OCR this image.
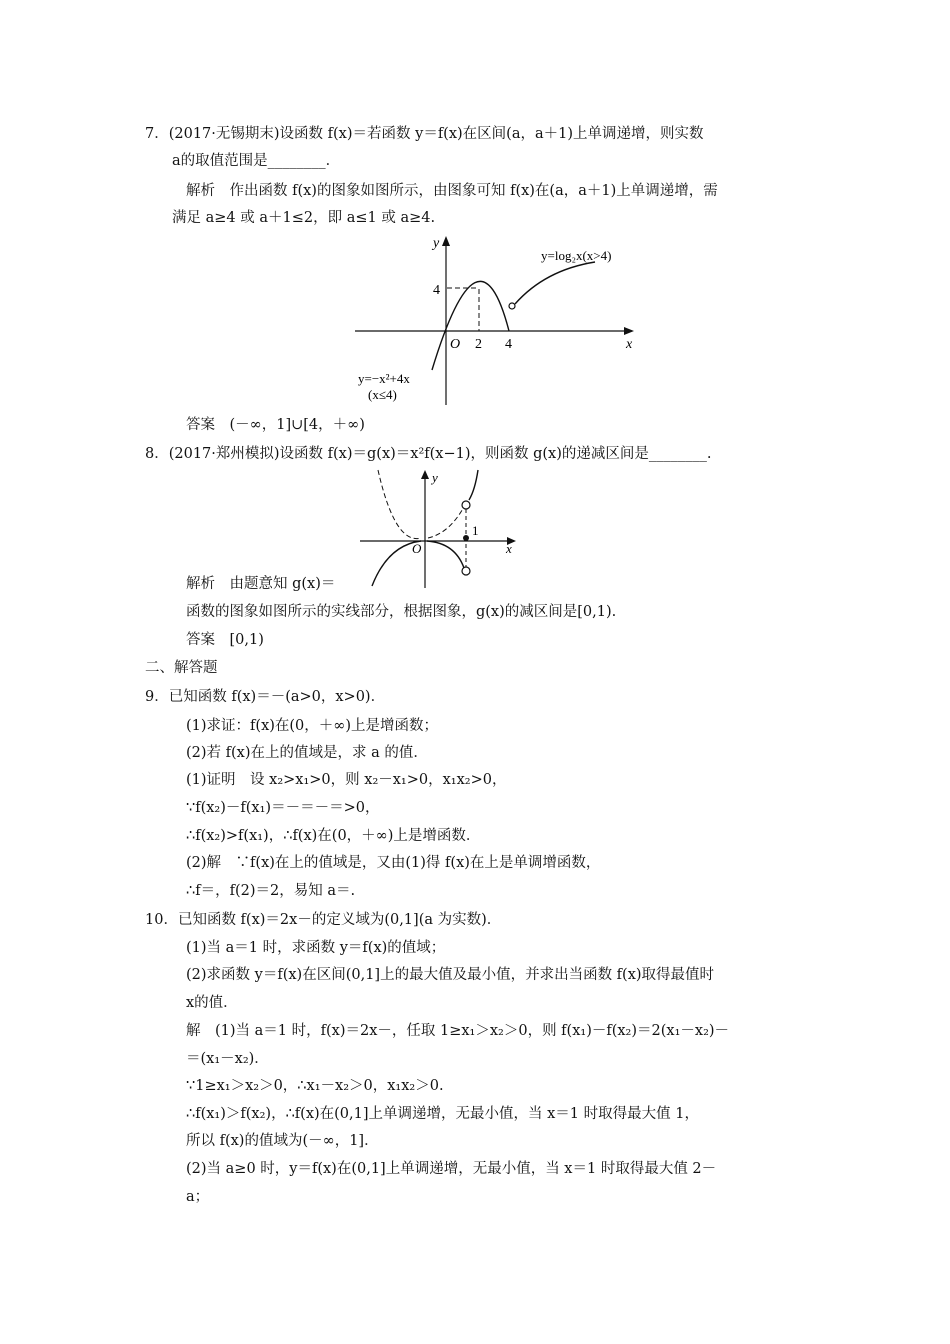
7．(2017·无锡期末)设函数 f(x)＝若函数 y＝f(x)在区间(a，a＋1)上单调递增，则实数
a的取值范围是________．
解析　作出函数 f(x)的图象如图所示，由图象可知 f(x)在(a，a＋1)上单调递增，需
满足 a≥4 或 a＋1≤2，即 a≤1 或 a≥4.
y
x
O 2 4
4
y=log₂x(x>4)
y=−x²+4x
(x≤4)
答案　(－∞，1]∪[4，＋∞)
8．(2017·郑州模拟)设函数 f(x)＝g(x)＝x²f(x−1)，则函数 g(x)的递减区间是________.
y
x
O
1
解析　由题意知 g(x)＝
函数的图象如图所示的实线部分，根据图象，g(x)的减区间是[0,1).
答案　[0,1)
二、解答题
9．已知函数 f(x)＝－(a>0，x>0)．
(1)求证：f(x)在(0，＋∞)上是增函数；
(2)若 f(x)在上的值域是，求 a 的值．
(1)证明　设 x₂>x₁>0，则 x₂－x₁>0，x₁x₂>0，
∵f(x₂)－f(x₁)＝－＝－＝>0，
∴f(x₂)>f(x₁)，∴f(x)在(0，＋∞)上是增函数．
(2)解　∵f(x)在上的值域是，又由(1)得 f(x)在上是单调增函数，
∴f＝，f(2)＝2，易知 a＝.
10．已知函数 f(x)＝2x－的定义域为(0,1](a 为实数)．
(1)当 a＝1 时，求函数 y＝f(x)的值域；
(2)求函数 y＝f(x)在区间(0,1]上的最大值及最小值，并求出当函数 f(x)取得最值时
x的值．
解　(1)当 a＝1 时，f(x)＝2x－，任取 1≥x₁＞x₂＞0，则 f(x₁)－f(x₂)＝2(x₁－x₂)－
＝(x₁－x₂)．
∵1≥x₁＞x₂＞0，∴x₁－x₂＞0，x₁x₂＞0.
∴f(x₁)＞f(x₂)，∴f(x)在(0,1]上单调递增，无最小值，当 x＝1 时取得最大值 1，
所以 f(x)的值域为(－∞，1]．
(2)当 a≥0 时，y＝f(x)在(0,1]上单调递增，无最小值，当 x＝1 时取得最大值 2－
a；
